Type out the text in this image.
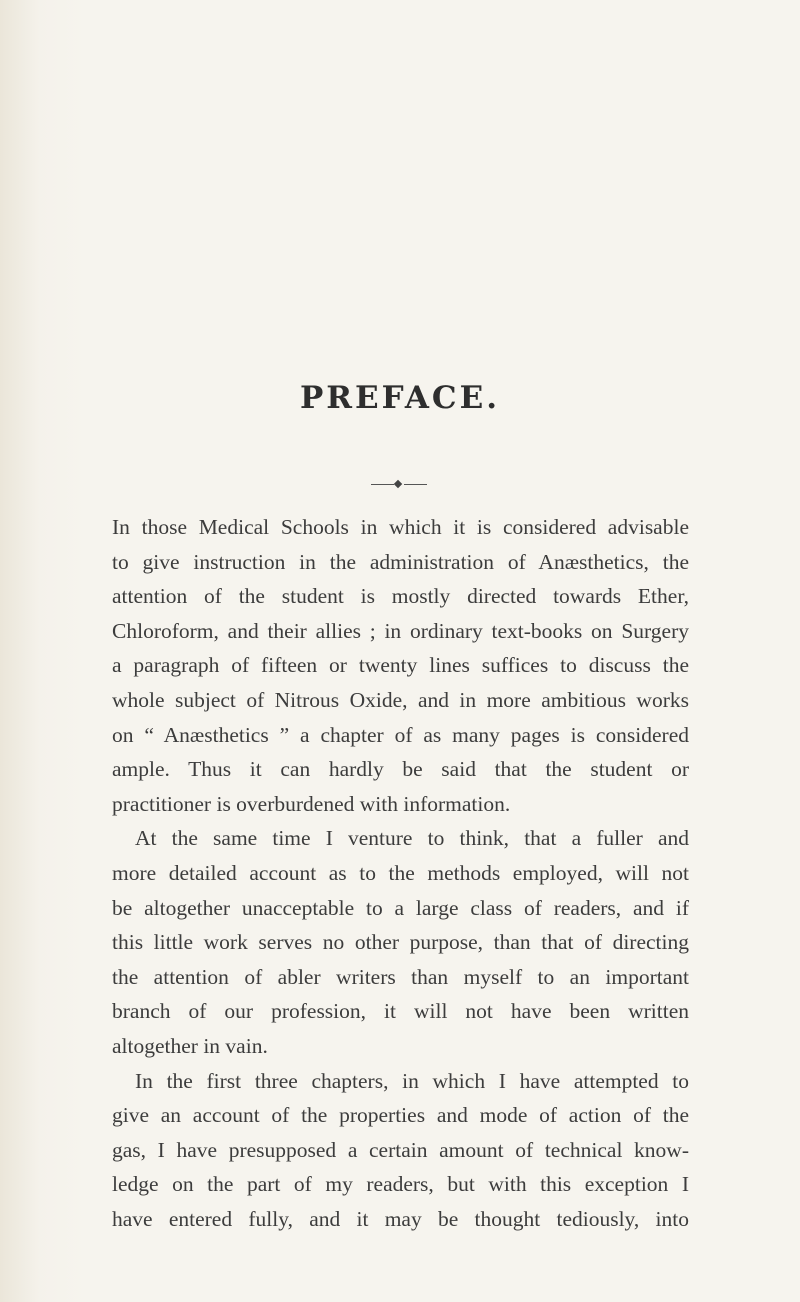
PREFACE.
In those Medical Schools in which it is considered advisable
to give instruction in the administration of Anæsthetics, the
attention of the student is mostly directed towards Ether,
Chloroform, and their allies ; in ordinary text-books on Surgery
a paragraph of fifteen or twenty lines suffices to discuss the
whole subject of Nitrous Oxide, and in more ambitious works
on “ Anæsthetics ” a chapter of as many pages is considered
ample. Thus it can hardly be said that the student or
practitioner is overburdened with information.
At the same time I venture to think, that a fuller and
more detailed account as to the methods employed, will not
be altogether unacceptable to a large class of readers, and if
this little work serves no other purpose, than that of directing
the attention of abler writers than myself to an important
branch of our profession, it will not have been written
altogether in vain.
In the first three chapters, in which I have attempted to
give an account of the properties and mode of action of the
gas, I have presupposed a certain amount of technical know-
ledge on the part of my readers, but with this exception I
have entered fully, and it may be thought tediously, into
